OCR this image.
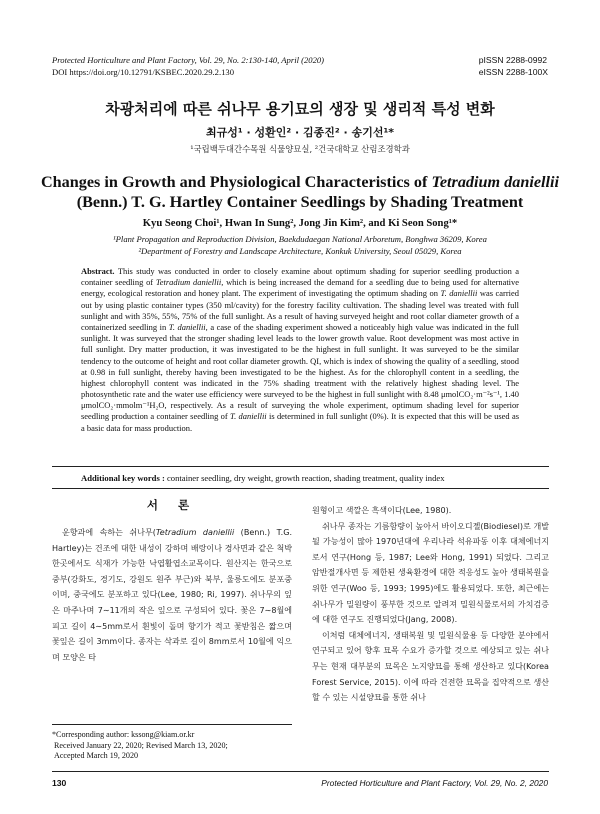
Protected Horticulture and Plant Factory, Vol. 29, No. 2:130-140, April (2020)
DOI https://doi.org/10.12791/KSBEC.2020.29.2.130
pISSN 2288-0992
eISSN 2288-100X
차광처리에 따른 쉬나무 용기묘의 생장 및 생리적 특성 변화
최규성¹ · 성환인² · 김종진² · 송기선¹*
¹국립백두대간수목원 식물양묘실, ²건국대학교 산림조경학과
Changes in Growth and Physiological Characteristics of Tetradium daniellii (Benn.) T. G. Hartley Container Seedlings by Shading Treatment
Kyu Seong Choi¹, Hwan In Sung², Jong Jin Kim², and Ki Seon Song¹*
¹Plant Propagation and Reproduction Division, Baekdudaegan National Arboretum, Bonghwa 36209, Korea
²Department of Forestry and Landscape Architecture, Konkuk University, Seoul 05029, Korea
Abstract. This study was conducted in order to closely examine about optimum shading for superior seedling production a container seedling of Tetradium daniellii, which is being increased the demand for a seedling due to being used for alternative energy, ecological restoration and honey plant. The experiment of investigating the optimum shading on T. daniellii was carried out by using plastic container types (350 ml/cavity) for the forestry facility cultivation. The shading level was treated with full sunlight and with 35%, 55%, 75% of the full sunlight. As a result of having surveyed height and root collar diameter growth of a containerized seedling in T. daniellii, a case of the shading experiment showed a noticeably high value was indicated in the full sunlight. It was surveyed that the stronger shading level leads to the lower growth value. Root development was most active in full sunlight. Dry matter production, it was investigated to be the highest in full sunlight. It was surveyed to be the similar tendency to the outcome of height and root collar diameter growth. QI, which is index of showing the quality of a seedling, stood at 0.98 in full sunlight, thereby having been investigated to be the highest. As for the chlorophyll content in a seedling, the highest chlorophyll content was indicated in the 75% shading treatment with the relatively highest shading level. The photosynthetic rate and the water use efficiency were surveyed to be the highest in full sunlight with 8.48 μmolCO₂·m⁻²s⁻¹, 1.40 μmolCO₂·mmolm⁻¹H₂O, respectively. As a result of surveying the whole experiment, optimum shading level for superior seedling production a container seedling of T. daniellii is determined in full sunlight (0%). It is expected that this will be used as a basic data for mass production.
Additional key words : container seedling, dry weight, growth reaction, shading treatment, quality index
서 론
운향과에 속하는 쉬나무(Tetradium daniellii (Benn.) T.G. Hartley)는 건조에 대한 내성이 강하며 배랑이나 경사면과 같은 척박한곳에서도 식재가 가능한 낙엽활엽소교목이다. 원산지는 한국으로 중부(강화도, 경기도, 강원도 원주 부근)와 북부, 울릉도에도 분포중이며, 중국에도 분포하고 있다(Lee, 1980; Ri, 1997). 쉬나무의 잎은 마주나며 7∼11개의 작은 잎으로 구성되어 있다. 꽃은 7∼8월에 피고 길이 4∼5mm로서 흰빛이 돌며 향기가 적고 꽃받침은 짧으며 꽃잎은 길이 3mm이다. 종자는 삭과로 길이 8mm로서 10월에 익으며 모양은 타
원형이고 색깔은 흑색이다(Lee, 1980).
쉬나무 종자는 기름함량이 높아서 바이오디젤(Biodiesel)로 개발될 가능성이 많아 1970년대에 우리나라 석유파동 이후 대체에너지로서 연구(Hong 등, 1987; Lee와 Hong, 1991) 되었다. 그리고 암반절개사면 등 제한된 생육환경에 대한 적응성도 높아 생태복원을 위한 연구(Woo 등, 1993; 1995)에도 활용되었다. 또한, 최근에는 쉬나무가 밀원량이 풍부한 것으로 알려져 밀원식물로서의 가치검증에 대한 연구도 진행되었다(Jang, 2008).
이처럼 대체에너지, 생태복원 및 밀원식물용 등 다양한 분야에서 연구되고 있어 향후 묘목 수요가 증가할 것으로 예상되고 있는 쉬나무는 현재 대부분의 묘목은 노지양묘를 통해 생산하고 있다(Korea Forest Service, 2015). 이에 따라 건전한 묘목을 집약적으로 생산할 수 있는 시설양묘를 통한 쉬나
*Corresponding author: kssong@kiam.or.kr
Received January 22, 2020; Revised March 13, 2020;
Accepted March 19, 2020
130	Protected Horticulture and Plant Factory, Vol. 29, No. 2, 2020
